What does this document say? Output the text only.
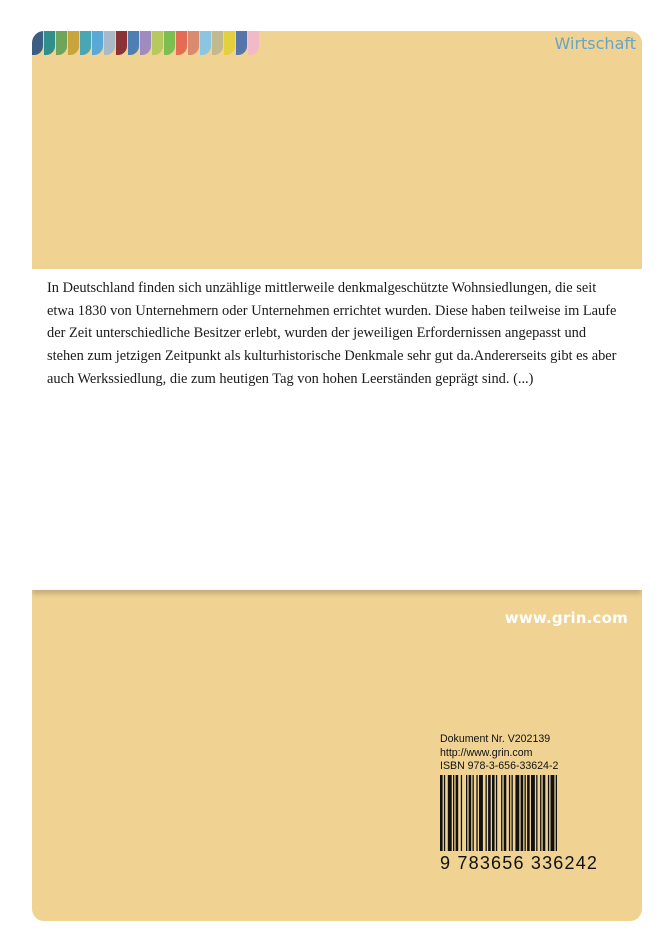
Wirtschaft

In Deutschland finden sich unzählige mittlerweile denkmalgeschützte Wohnsiedlungen, die seit etwa 1830 von Unternehmern oder Unternehmen errichtet wurden. Diese haben teilweise im Laufe der Zeit unterschiedliche Besitzer erlebt, wurden der jeweiligen Erfordernissen angepasst und stehen zum jetzigen Zeitpunkt als kulturhistorische Denkmale sehr gut da.Andererseits gibt es aber auch Werkssiedlung, die zum heutigen Tag von hohen Leerständen geprägt sind. (...)

www.grin.com
Dokument Nr. V202139
http://www.grin.com
ISBN 978-3-656-33624-2
9 783656 336242
